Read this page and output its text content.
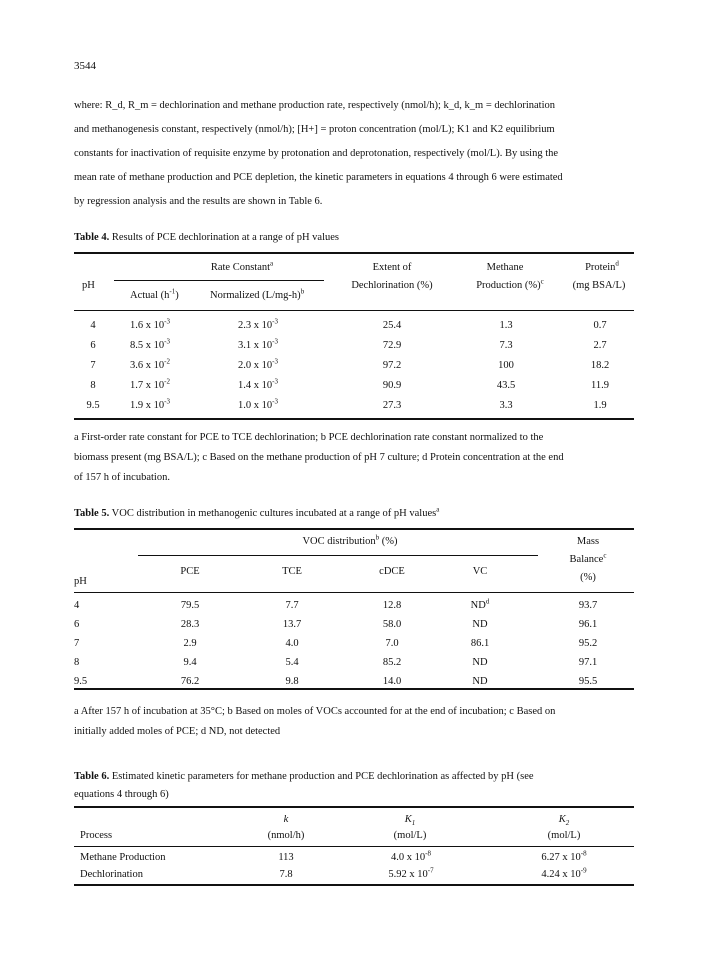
3544
where: R_d, R_m = dechlorination and methane production rate, respectively (nmol/h); k_d, k_m = dechlorination
and methanogenesis constant, respectively (nmol/h); [H+] = proton concentration (mol/L); K1 and K2 equilibrium
constants for inactivation of requisite enzyme by protonation and deprotonation, respectively (mol/L). By using the
mean rate of methane production and PCE depletion, the kinetic parameters in equations 4 through 6 were estimated
by regression analysis and the results are shown in Table 6.
Table 4. Results of PCE dechlorination at a range of pH values
pH
Rate Constant$^a$
Actual $(h^{-1})$	Normalized $(L/mg-h)^b$
Extent of
Dechlorination (%)
Methane
Production (%)$^c$
Protein$^d$
(mg BSA/L)
4	1.6 x $10^{-3}$	2.3 x $10^{-3}$	25.4	1.3	0.7
6	8.5 x $10^{-3}$	3.1 x $10^{-3}$	72.9	7.3	2.7
7	3.6 x $10^{-2}$	2.0 x $10^{-3}$	97.2	100	18.2
8	1.7 x $10^{-2}$	1.4 x $10^{-3}$	90.9	43.5	11.9
9.5	1.9 x $10^{-3}$	1.0 x $10^{-3}$	27.3	3.3	1.9
a First-order rate constant for PCE to TCE dechlorination; b PCE dechlorination rate constant normalized to the
biomass present (mg BSA/L); c Based on the methane production of pH 7 culture; d Protein concentration at the end
of 157 h of incubation.
Table 5. VOC distribution in methanogenic cultures incubated at a range of pH values$^a$
VOC distribution$^b$ (%)	Mass
Balance$^c$
(%)
PCE	TCE	cDCE	VC
pH
4	79.5	7.7	12.8	$ND^d$	93.7
6	28.3	13.7	58.0	ND	96.1
7	2.9	4.0	7.0	86.1	95.2
8	9.4	5.4	85.2	ND	97.1
9.5	76.2	9.8	14.0	ND	95.5
a After 157 h of incubation at 35°C; b Based on moles of VOCs accounted for at the end of incubation; c Based on
initially added moles of PCE; d ND, not detected
Table 6. Estimated kinetic parameters for methane production and PCE dechlorination as affected by pH (see
equations 4 through 6)
k
(nmol/h)
$K_1$
(mol/L)
$K_2$
(mol/L)
Process
Methane Production	113	4.0 x $10^{-8}$	6.27 x $10^{-8}$
Dechlorination	7.8	5.92 x $10^{-7}$	4.24 x $10^{-9}$
